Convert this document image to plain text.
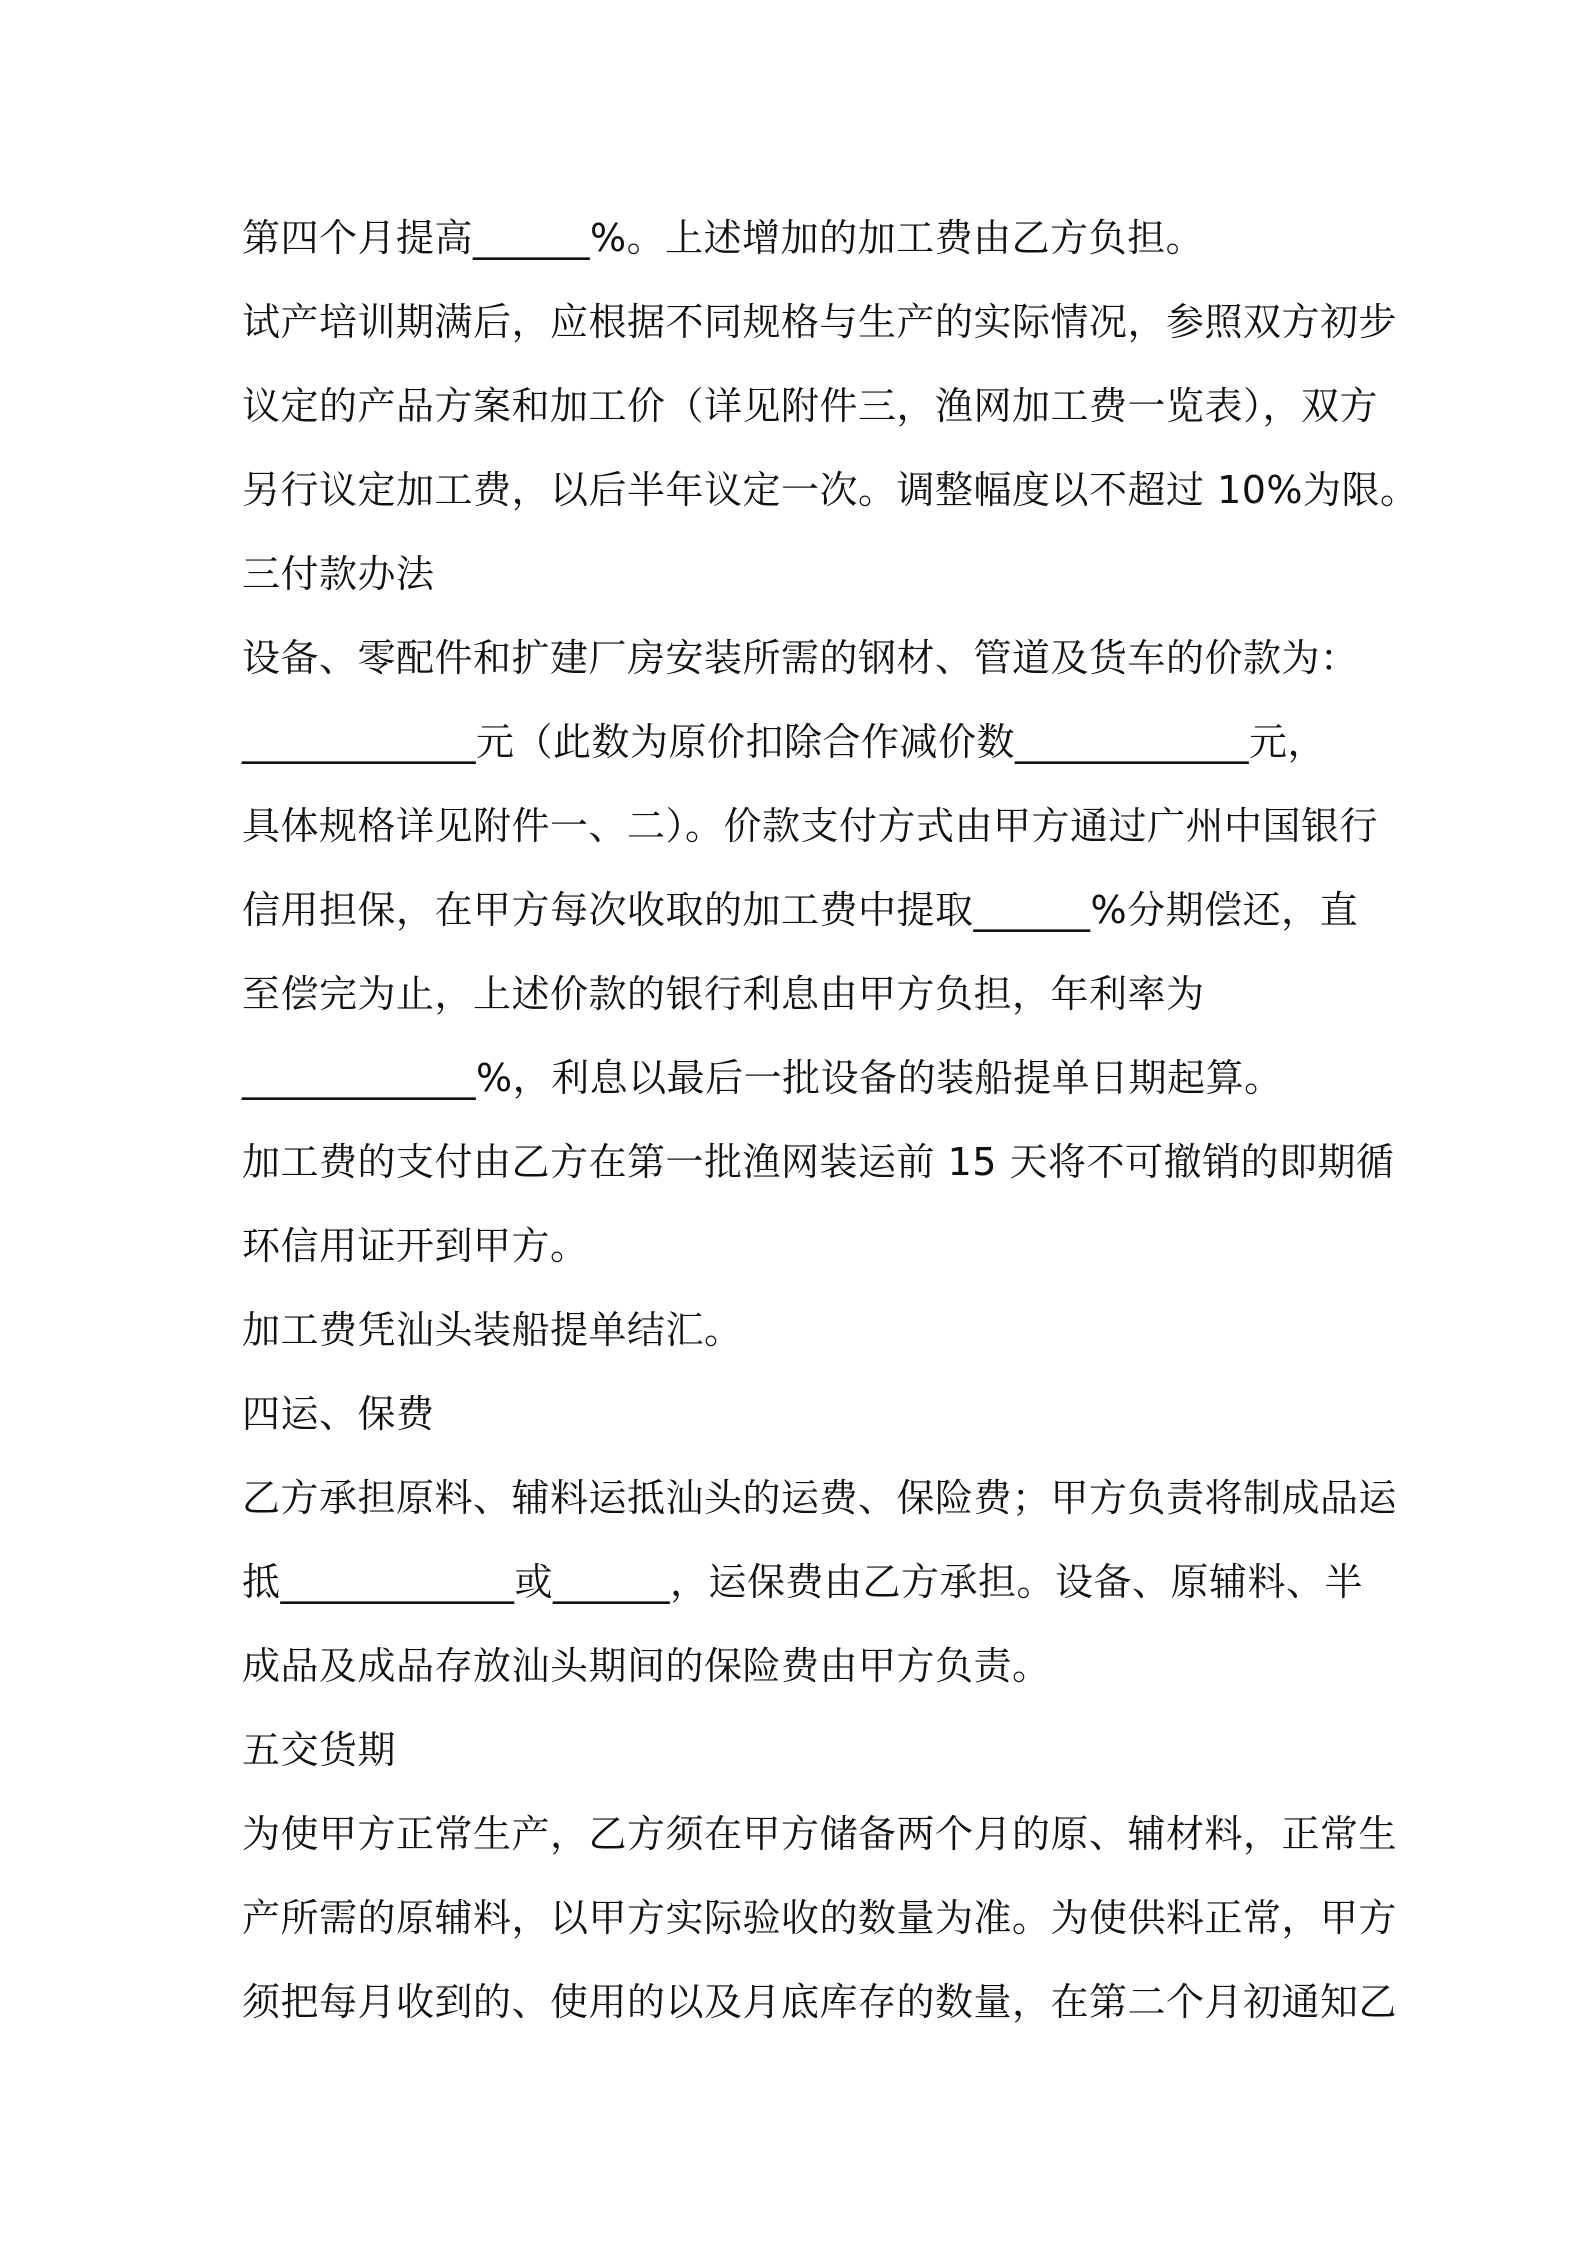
第四个月提高______%。上述增加的加工费由乙方负担。
试产培训期满后，应根据不同规格与生产的实际情况，参照双方初步
议定的产品方案和加工价（详见附件三，渔网加工费一览表），双方
另行议定加工费，以后半年议定一次。调整幅度以不超过 10%为限。
三付款办法
设备、零配件和扩建厂房安装所需的钢材、管道及货车的价款为：
____________元（此数为原价扣除合作减价数____________元，
具体规格详见附件一、二）。价款支付方式由甲方通过广州中国银行
信用担保，在甲方每次收取的加工费中提取______%分期偿还，直
至偿完为止，上述价款的银行利息由甲方负担，年利率为
____________%，利息以最后一批设备的装船提单日期起算。
加工费的支付由乙方在第一批渔网装运前 15 天将不可撤销的即期循
环信用证开到甲方。
加工费凭汕头装船提单结汇。
四运、保费
乙方承担原料、辅料运抵汕头的运费、保险费；甲方负责将制成品运
抵____________或______，运保费由乙方承担。设备、原辅料、半
成品及成品存放汕头期间的保险费由甲方负责。
五交货期
为使甲方正常生产，乙方须在甲方储备两个月的原、辅材料，正常生
产所需的原辅料，以甲方实际验收的数量为准。为使供料正常，甲方
须把每月收到的、使用的以及月底库存的数量，在第二个月初通知乙
